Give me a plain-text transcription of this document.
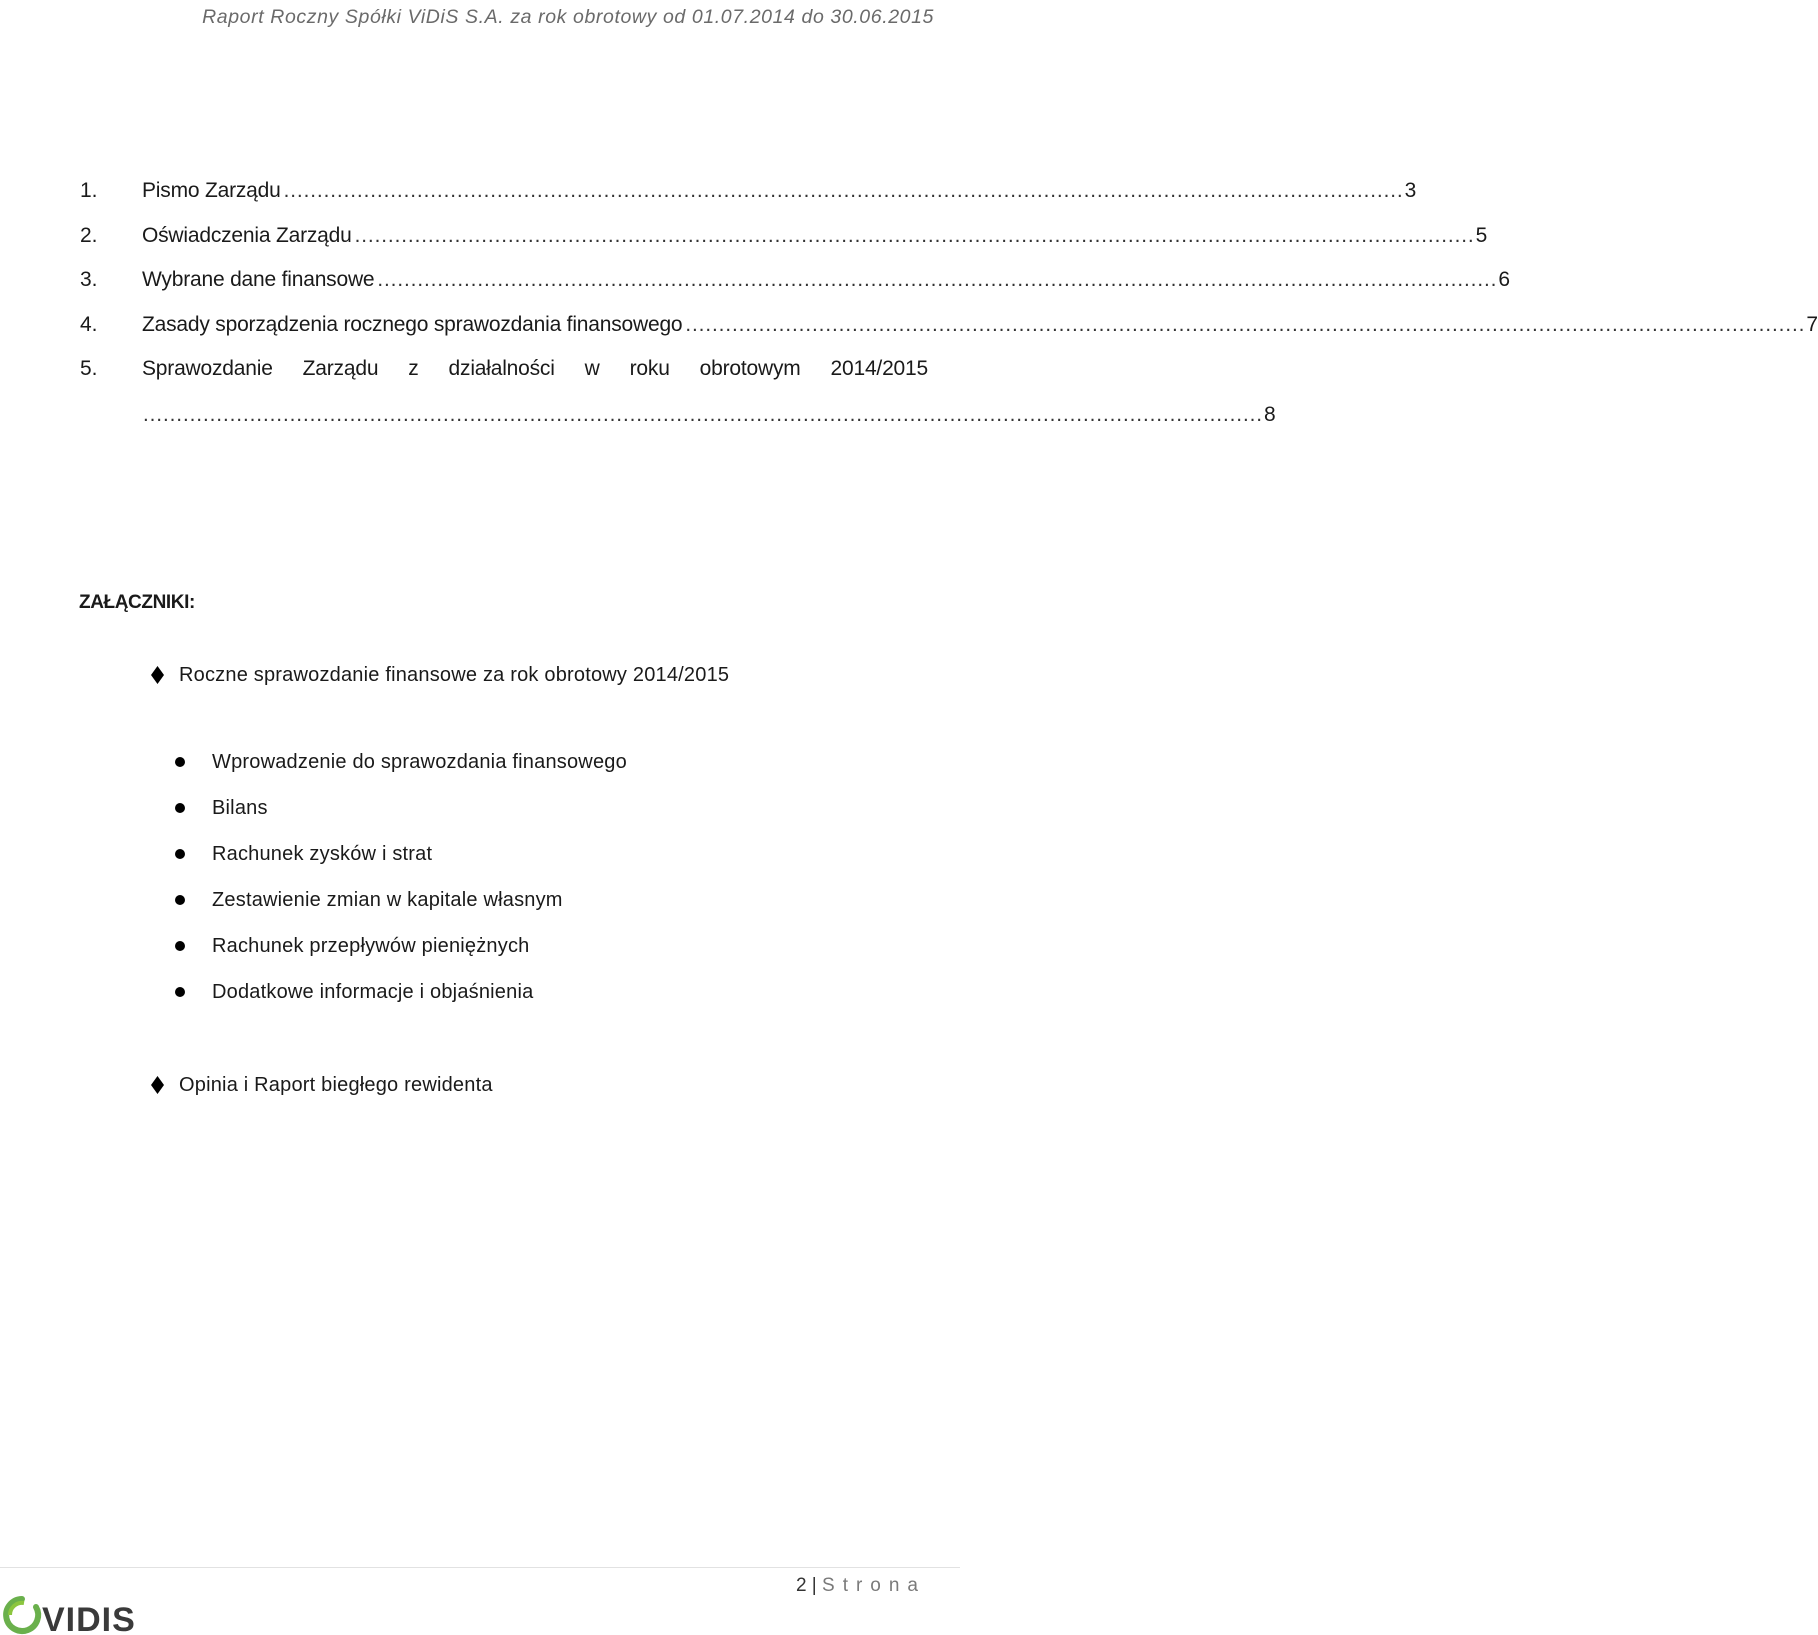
Raport Roczny Spółki ViDiS S.A. za rok obrotowy od 01.07.2014 do 30.06.2015
1.	Pismo Zarządu …………………………………………………………………………………………………………………………………………………… 3
2.	Oświadczenia Zarządu …………………………………………………………………………………………………………………………………………………… 5
3.	Wybrane dane finansowe …………………………………………………………………………………………………………………………………………………… 6
4.	Zasady sporządzenia rocznego sprawozdania finansowego …………………………………………………………………………………………………………………………………………………… 7
5.	Sprawozdanie Zarządu z działalności w roku obrotowym 2014/2015
…………………………………………………………………………………………………………………………………………………… 8
ZAŁĄCZNIKI:
Roczne sprawozdanie finansowe za rok obrotowy 2014/2015
Wprowadzenie do sprawozdania finansowego
Bilans
Rachunek zysków i strat
Zestawienie zmian w kapitale własnym
Rachunek przepływów pieniężnych
Dodatkowe informacje i objaśnienia
Opinia i Raport biegłego rewidenta
2 | Strona
VIDIS
